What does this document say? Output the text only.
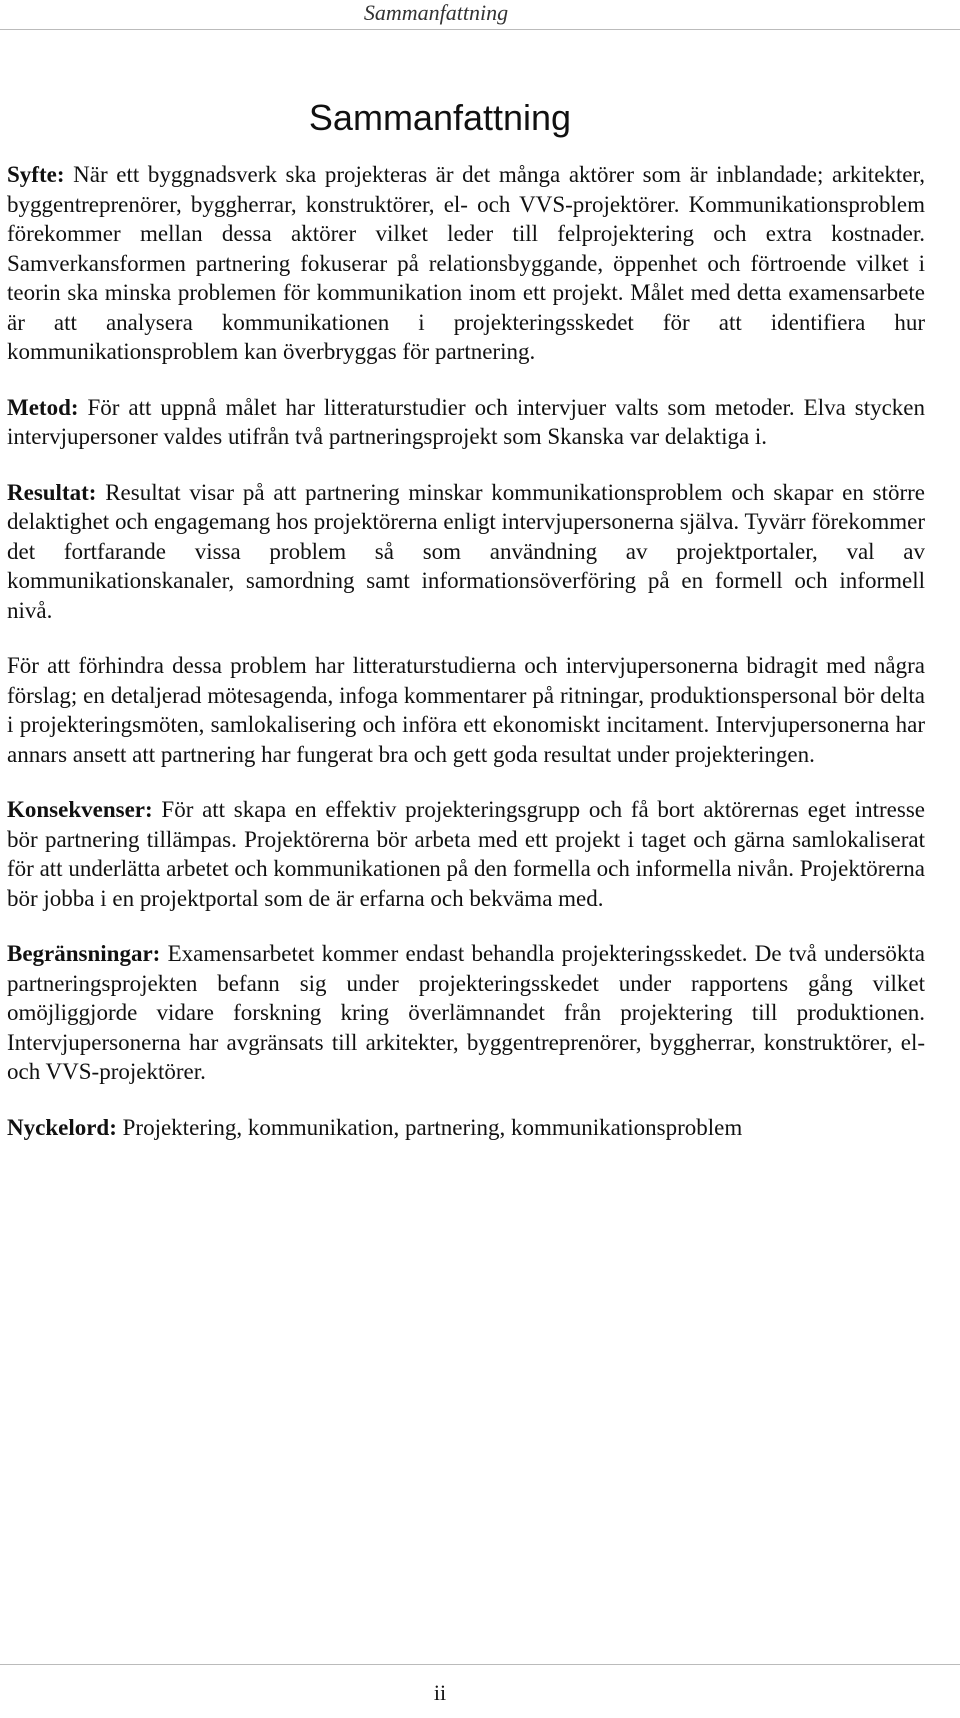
Sammanfattning
Sammanfattning

Syfte: När ett byggnadsverk ska projekteras är det många aktörer som är inblandade; arkitekter, byggentreprenörer, byggherrar, konstruktörer, el- och VVS-projektörer. Kommunikationsproblem förekommer mellan dessa aktörer vilket leder till felprojektering och extra kostnader. Samverkansformen partnering fokuserar på relationsbyggande, öppenhet och förtroende vilket i teorin ska minska problemen för kommunikation inom ett projekt. Målet med detta examensarbete är att analysera kommunikationen i projekteringsskedet för att identifiera hur kommunikationsproblem kan överbryggas för partnering.

Metod: För att uppnå målet har litteraturstudier och intervjuer valts som metoder. Elva stycken intervjupersoner valdes utifrån två partneringsprojekt som Skanska var delaktiga i.

Resultat: Resultat visar på att partnering minskar kommunikationsproblem och skapar en större delaktighet och engagemang hos projektörerna enligt intervjupersonerna själva. Tyvärr förekommer det fortfarande vissa problem så som användning av projektportaler, val av kommunikationskanaler, samordning samt informationsöverföring på en formell och informell nivå.

För att förhindra dessa problem har litteraturstudierna och intervjupersonerna bidragit med några förslag; en detaljerad mötesagenda, infoga kommentarer på ritningar, produktionspersonal bör delta i projekteringsmöten, samlokalisering och införa ett ekonomiskt incitament. Intervjupersonerna har annars ansett att partnering har fungerat bra och gett goda resultat under projekteringen.

Konsekvenser: För att skapa en effektiv projekteringsgrupp och få bort aktörernas eget intresse bör partnering tillämpas. Projektörerna bör arbeta med ett projekt i taget och gärna samlokaliserat för att underlätta arbetet och kommunikationen på den formella och informella nivån. Projektörerna bör jobba i en projektportal som de är erfarna och bekväma med.

Begränsningar: Examensarbetet kommer endast behandla projekteringsskedet. De två undersökta partneringsprojekten befann sig under projekteringsskedet under rapportens gång vilket omöjliggjorde vidare forskning kring överlämnandet från projektering till produktionen. Intervjupersonerna har avgränsats till arkitekter, byggentreprenörer, byggherrar, konstruktörer, el- och VVS-projektörer.

Nyckelord: Projektering, kommunikation, partnering, kommunikationsproblem

ii
